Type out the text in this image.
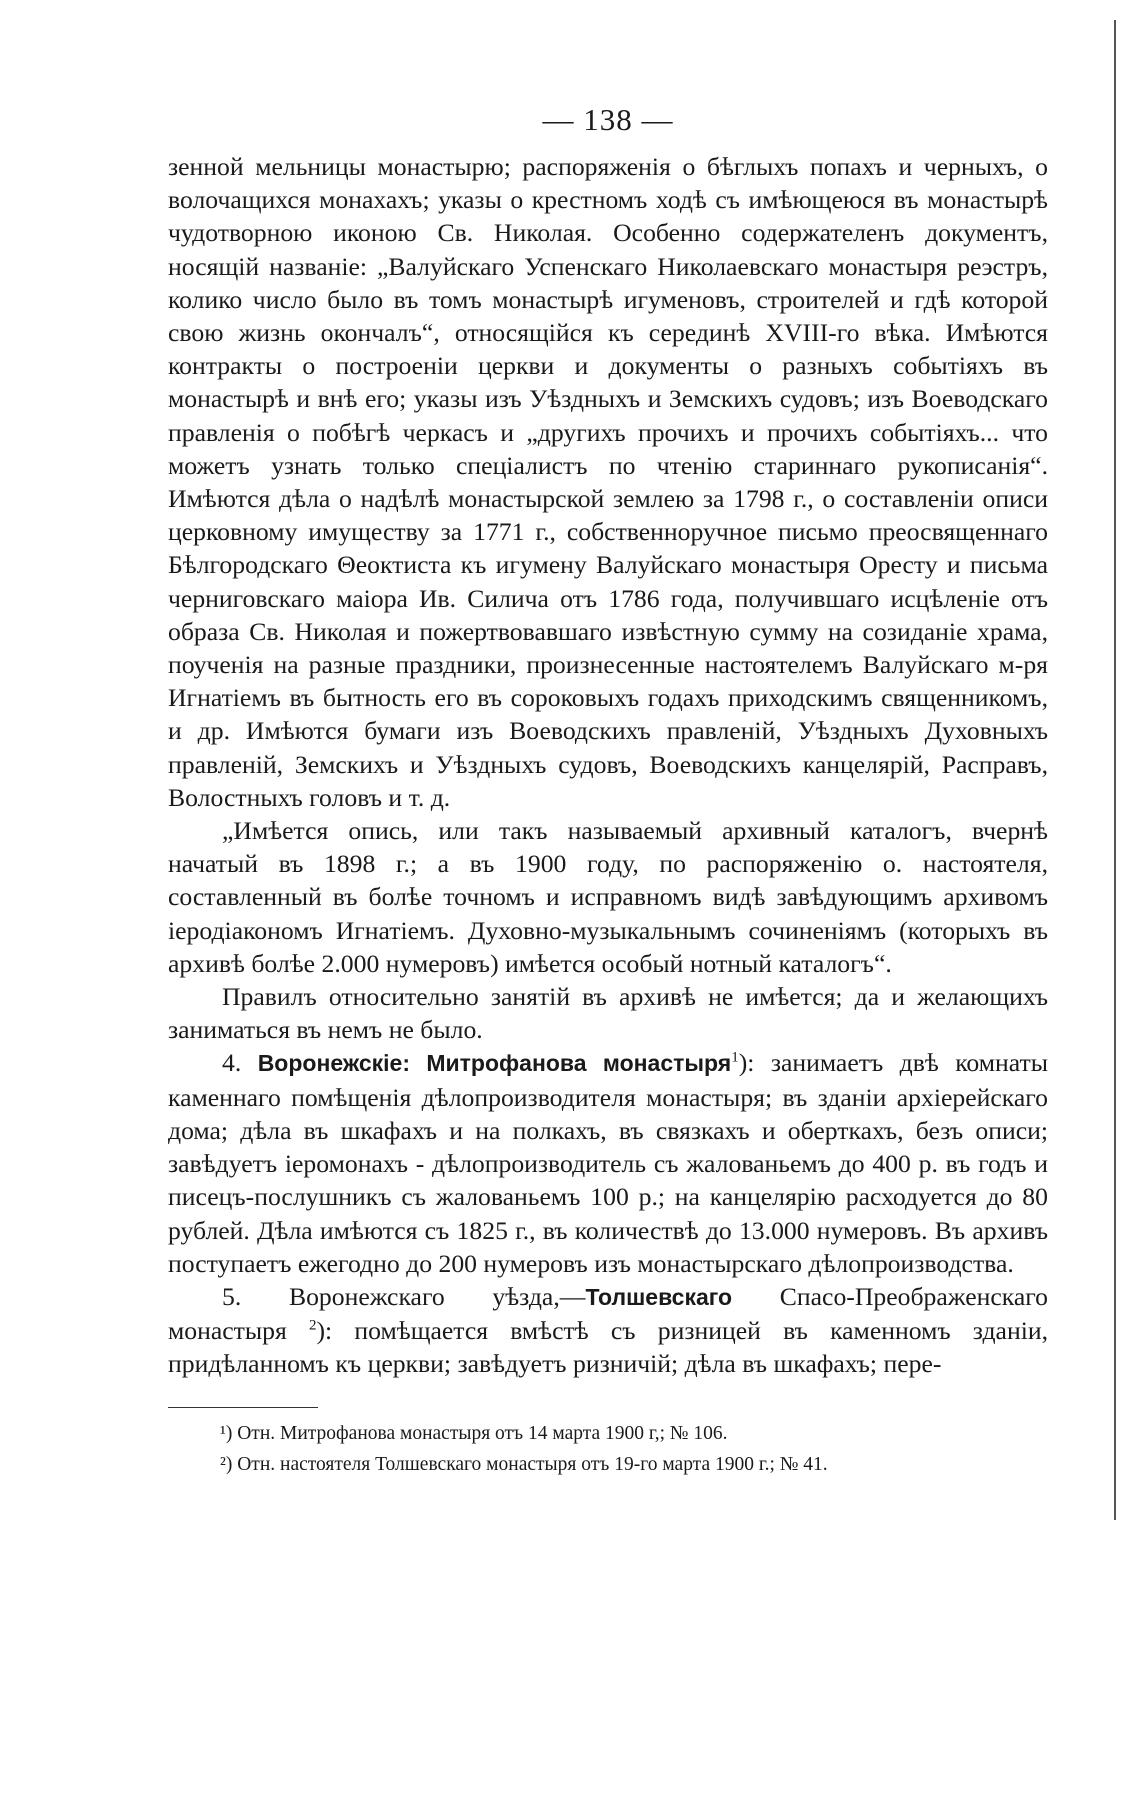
— 138 —

зенной мельницы монастырю; распоряженія о бѣглыхъ попахъ и черныхъ, о волочащихся монахахъ; указы о крестномъ ходѣ съ имѣющеюся въ монастырѣ чудотворною иконою Св. Николая. Особенно содержателенъ документъ, носящій названіе: „Валуйскаго Успенскаго Николаевскаго монастыря реэстръ, колико число было въ томъ монастырѣ игуменовъ, строителей и гдѣ которой свою жизнь окончалъ“, относящійся къ серединѣ XVIII-го вѣка. Имѣются контракты о построеніи церкви и документы о разныхъ событіяхъ въ монастырѣ и внѣ его; указы изъ Уѣздныхъ и Земскихъ судовъ; изъ Воеводскаго правленія о побѣгѣ черкасъ и „другихъ прочихъ и прочихъ событіяхъ... что можетъ узнать только спеціалистъ по чтенію стариннаго рукописанія“. Имѣются дѣла о надѣлѣ монастырской землею за 1798 г., о составленіи описи церковному имуществу за 1771 г., собственноручное письмо преосвященнаго Бѣлгородскаго Θеоктиста къ игумену Валуйскаго монастыря Оресту и письма черниговскаго маіора Ив. Силича отъ 1786 года, получившаго исцѣленіе отъ образа Св. Николая и пожертвовавшаго извѣстную сумму на созиданіе храма, поученія на разные праздники, произнесенные настоятелемъ Валуйскаго м-ря Игнатіемъ въ бытность его въ сороковыхъ годахъ приходскимъ священникомъ, и др. Имѣются бумаги изъ Воеводскихъ правленій, Уѣздныхъ Духовныхъ правленій, Земскихъ и Уѣздныхъ судовъ, Воеводскихъ канцелярій, Расправъ, Волостныхъ головъ и т. д.

„Имѣется опись, или такъ называемый архивный каталогъ, вчернѣ начатый въ 1898 г.; а въ 1900 году, по распоряженію о. настоятеля, составленный въ болѣе точномъ и исправномъ видѣ завѣдующимъ архивомъ іеродіакономъ Игнатіемъ. Духовно-музыкальнымъ сочиненіямъ (которыхъ въ архивѣ болѣе 2.000 нумеровъ) имѣется особый нотный каталогъ“.

Правилъ относительно занятій въ архивѣ не имѣется; да и желающихъ заниматься въ немъ не было.

4. Воронежскіе: Митрофанова монастыря$^1$): занимаетъ двѣ комнаты каменнаго помѣщенія дѣлопроизводителя монастыря; въ зданіи архіерейскаго дома; дѣла въ шкафахъ и на полкахъ, въ связкахъ и оберткахъ, безъ описи; завѣдуетъ іеромонахъ - дѣлопроизводитель съ жалованьемъ до 400 р. въ годъ и писецъ-послушникъ съ жалованьемъ 100 р.; на канцелярію расходуется до 80 рублей. Дѣла имѣются съ 1825 г., въ количествѣ до 13.000 нумеровъ. Въ архивъ поступаетъ ежегодно до 200 нумеровъ изъ монастырскаго дѣлопроизводства.

5. Воронежскаго уѣзда,—Толшевскаго Спасо-Преображенскаго монастыря $^2$): помѣщается вмѣстѣ съ ризницей въ каменномъ зданіи, придѣланномъ къ церкви; завѣдуетъ ризничій; дѣла въ шкафахъ; пере-

¹) Отн. Митрофанова монастыря отъ 14 марта 1900 г,; № 106.

²) Отн. настоятеля Толшевскаго монастыря отъ 19-го марта 1900 г.; № 41.
